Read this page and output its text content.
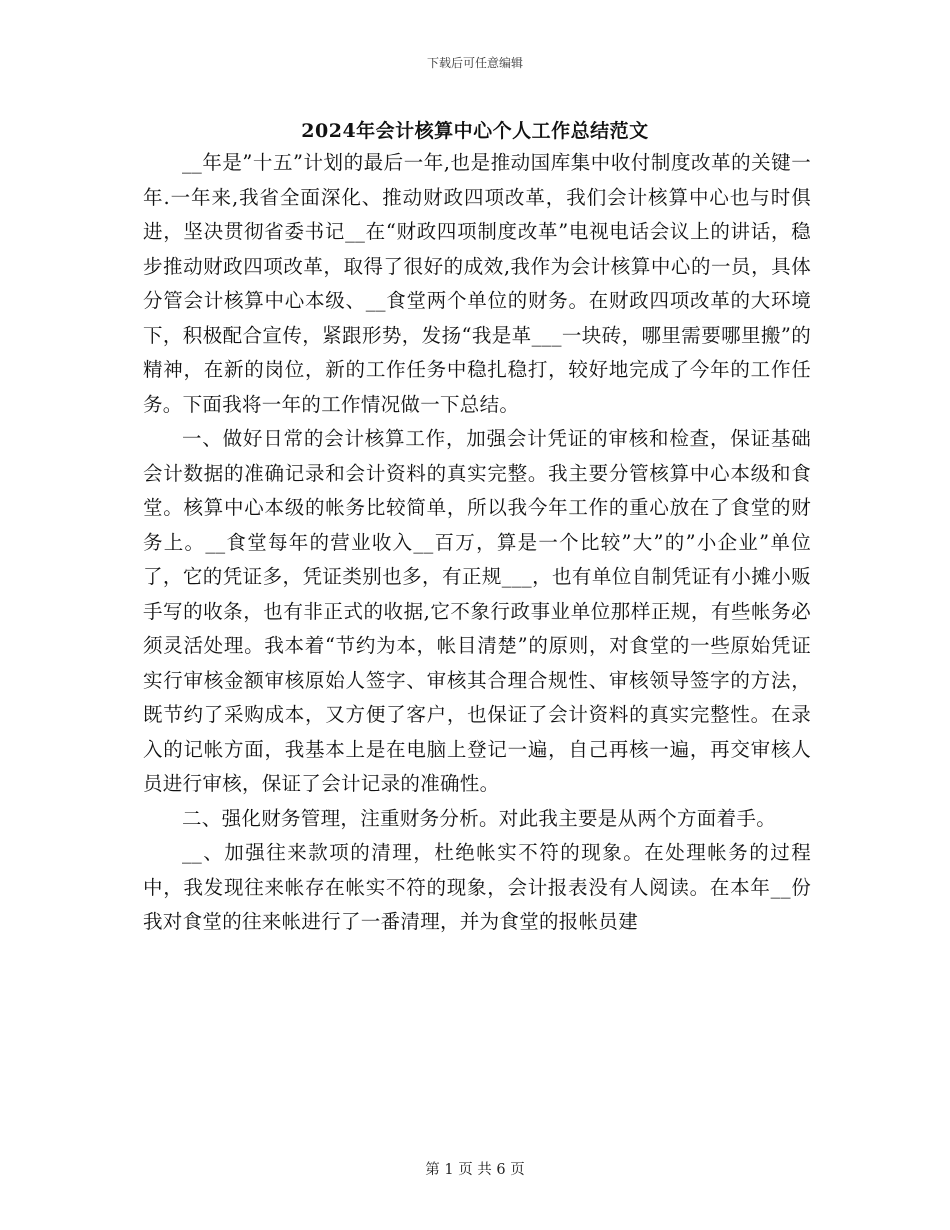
下载后可任意编辑
2024年会计核算中心个人工作总结范文

__年是”十五”计划的最后一年,也是推动国库集中收付制度改革的关键一年.一年来,我省全面深化、推动财政四项改革，我们会计核算中心也与时俱进，坚决贯彻省委书记__在“财政四项制度改革”电视电话会议上的讲话，稳步推动财政四项改革，取得了很好的成效,我作为会计核算中心的一员，具体分管会计核算中心本级、__食堂两个单位的财务。在财政四项改革的大环境下，积极配合宣传，紧跟形势，发扬“我是革___一块砖，哪里需要哪里搬”的精神，在新的岗位，新的工作任务中稳扎稳打，较好地完成了今年的工作任务。下面我将一年的工作情况做一下总结。

一、做好日常的会计核算工作，加强会计凭证的审核和检查，保证基础会计数据的准确记录和会计资料的真实完整。我主要分管核算中心本级和食堂。核算中心本级的帐务比较简单，所以我今年工作的重心放在了食堂的财务上。__食堂每年的营业收入__百万，算是一个比较”大”的”小企业”单位了，它的凭证多，凭证类别也多，有正规___，也有单位自制凭证有小摊小贩手写的收条，也有非正式的收据,它不象行政事业单位那样正规，有些帐务必须灵活处理。我本着“节约为本，帐目清楚”的原则，对食堂的一些原始凭证实行审核金额审核原始人签字、审核其合理合规性、审核领导签字的方法，既节约了采购成本，又方便了客户，也保证了会计资料的真实完整性。在录入的记帐方面，我基本上是在电脑上登记一遍，自己再核一遍，再交审核人员进行审核，保证了会计记录的准确性。

二、强化财务管理，注重财务分析。对此我主要是从两个方面着手。

__、加强往来款项的清理，杜绝帐实不符的现象。在处理帐务的过程中，我发现往来帐存在帐实不符的现象，会计报表没有人阅读。在本年__份我对食堂的往来帐进行了一番清理，并为食堂的报帐员建

第 1 页 共 6 页
